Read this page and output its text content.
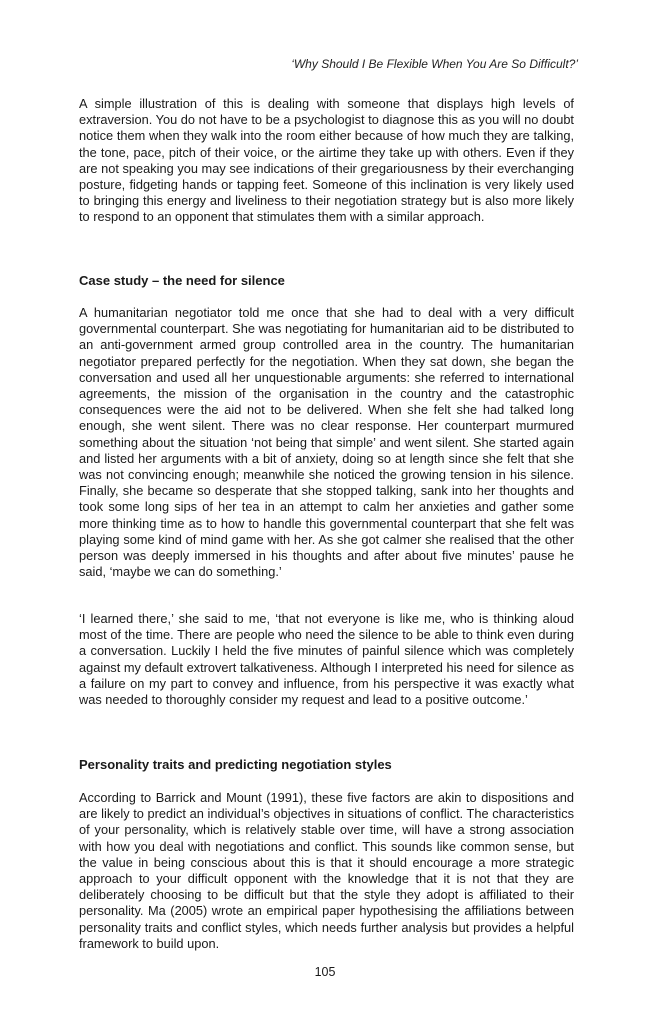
‘Why Should I Be Flexible When You Are So Difficult?’

A simple illustration of this is dealing with someone that displays high levels of extraversion. You do not have to be a psychologist to diagnose this as you will no doubt notice them when they walk into the room either because of how much they are talking, the tone, pace, pitch of their voice, or the airtime they take up with others. Even if they are not speaking you may see indications of their gregariousness by their everchanging posture, fidgeting hands or tapping feet. Someone of this inclination is very likely used to bringing this energy and liveliness to their negotiation strategy but is also more likely to respond to an opponent that stimulates them with a similar approach.

Case study – the need for silence

A humanitarian negotiator told me once that she had to deal with a very difficult governmental counterpart. She was negotiating for humanitarian aid to be distributed to an anti-government armed group controlled area in the country. The humanitarian negotiator prepared perfectly for the negotiation. When they sat down, she began the conversation and used all her unquestionable arguments: she referred to international agreements, the mission of the organisation in the country and the catastrophic consequences were the aid not to be delivered. When she felt she had talked long enough, she went silent. There was no clear response. Her counterpart murmured something about the situation ‘not being that simple’ and went silent. She started again and listed her arguments with a bit of anxiety, doing so at length since she felt that she was not convincing enough; meanwhile she noticed the growing tension in his silence. Finally, she became so desperate that she stopped talking, sank into her thoughts and took some long sips of her tea in an attempt to calm her anxieties and gather some more thinking time as to how to handle this governmental counterpart that she felt was playing some kind of mind game with her. As she got calmer she realised that the other person was deeply immersed in his thoughts and after about five minutes’ pause he said, ‘maybe we can do something.’

‘I learned there,’ she said to me, ‘that not everyone is like me, who is thinking aloud most of the time. There are people who need the silence to be able to think even during a conversation. Luckily I held the five minutes of painful silence which was completely against my default extrovert talkativeness. Although I interpreted his need for silence as a failure on my part to convey and influence, from his perspective it was exactly what was needed to thoroughly consider my request and lead to a positive outcome.’

Personality traits and predicting negotiation styles

According to Barrick and Mount (1991), these five factors are akin to dispositions and are likely to predict an individual’s objectives in situations of conflict. The characteristics of your personality, which is relatively stable over time, will have a strong association with how you deal with negotiations and conflict. This sounds like common sense, but the value in being conscious about this is that it should encourage a more strategic approach to your difficult opponent with the knowledge that it is not that they are deliberately choosing to be difficult but that the style they adopt is affiliated to their personality. Ma (2005) wrote an empirical paper hypothesising the affiliations between personality traits and conflict styles, which needs further analysis but provides a helpful framework to build upon.

105
